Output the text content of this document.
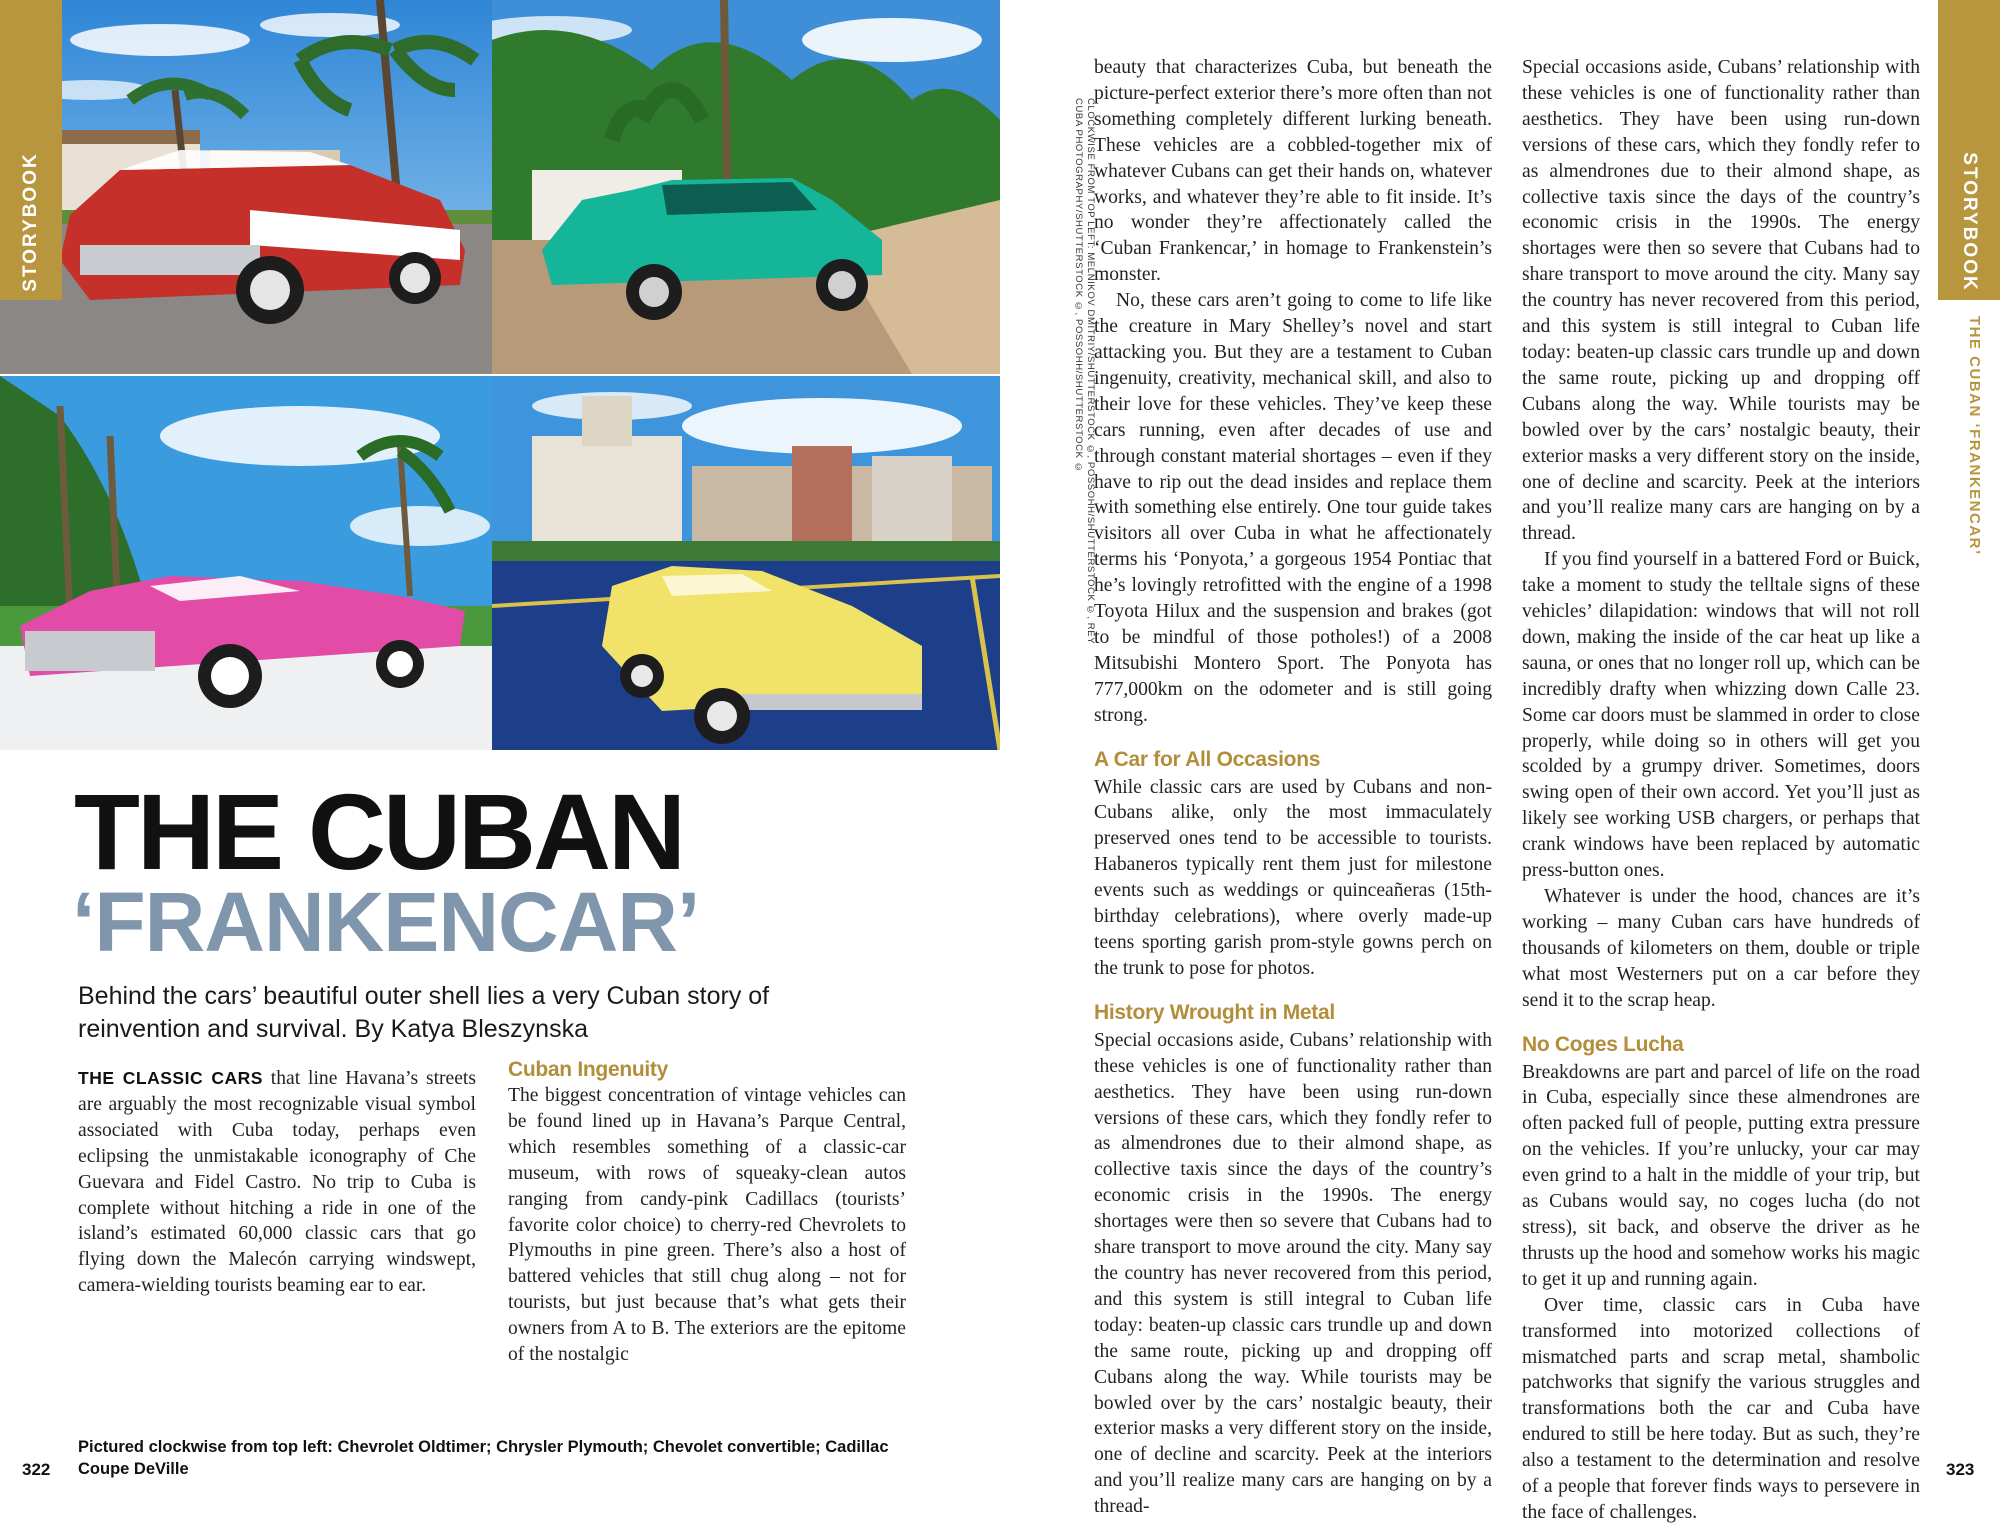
STORYBOOK	STORYBOOK
THE CUBAN ‘FRANKENCAR’
CLOCKWISE FROM TOP LEFT: MELNIKOV DMITRIY/SHUTTERSTOCK ©, POSSOHH/SHUTTERSTOCK ©, REY CUBA PHOTOGRAPHY/SHUTTERSTOCK ©, POSSOHH/SHUTTERSTOCK ©
THE CUBAN
‘FRANKENCAR’
Behind the cars’ beautiful outer shell lies a very Cuban story of reinvention and survival. By Katya Bleszynska

THE CLASSIC CARS that line Havana’s streets are arguably the most recognizable visual symbol associated with Cuba today, perhaps even eclipsing the unmistakable iconography of Che Guevara and Fidel Castro. No trip to Cuba is complete without hitching a ride in one of the island’s estimated 60,000 classic cars that go flying down the Malecón carrying windswept, camera-wielding tourists beaming ear to ear.

Cuban Ingenuity

The biggest concentration of vintage vehicles can be found lined up in Havana’s Parque Central, which resembles something of a classic-car museum, with rows of squeaky-clean autos ranging from candy-pink Cadillacs (tourists’ favorite color choice) to cherry-red Chevrolets to Plymouths in pine green. There’s also a host of battered vehicles that still chug along – not for tourists, but just because that’s what gets their owners from A to B. The exteriors are the epitome of the nostalgic

beauty that characterizes Cuba, but beneath the picture-perfect exterior there’s more often than not something completely different lurking beneath. These vehicles are a cobbled-together mix of whatever Cubans can get their hands on, whatever works, and whatever they’re able to fit inside. It’s no wonder they’re affectionately called the ‘Cuban Frankencar,’ in homage to Frankenstein’s monster.

No, these cars aren’t going to come to life like the creature in Mary Shelley’s novel and start attacking you. But they are a testament to Cuban ingenuity, creativity, mechanical skill, and also to their love for these vehicles. They’ve keep these cars running, even after decades of use and through constant material shortages – even if they have to rip out the dead insides and replace them with something else entirely. One tour guide takes visitors all over Cuba in what he affectionately terms his ‘Ponyota,’ a gorgeous 1954 Pontiac that he’s lovingly retrofitted with the engine of a 1998 Toyota Hilux and the suspension and brakes (got to be mindful of those potholes!) of a 2008 Mitsubishi Montero Sport. The Ponyota has 777,000km on the odometer and is still going strong.

A Car for All Occasions

While classic cars are used by Cubans and non-Cubans alike, only the most immaculately preserved ones tend to be accessible to tourists. Habaneros typically rent them just for milestone events such as weddings or quinceañeras (15th-birthday celebrations), where overly made-up teens sporting garish prom-style gowns perch on the trunk to pose for photos.

History Wrought in Metal

Special occasions aside, Cubans’ relationship with these vehicles is one of functionality rather than aesthetics. They have been using run-down versions of these cars, which they fondly refer to as almendrones due to their almond shape, as collective taxis since the days of the country’s economic crisis in the 1990s. The energy shortages were then so severe that Cubans had to share transport to move around the city. Many say the country has never recovered from this period, and this system is still integral to Cuban life today: beaten-up classic cars trundle up and down the same route, picking up and dropping off Cubans along the way. While tourists may be bowled over by the cars’ nostalgic beauty, their exterior masks a very different story on the inside, one of decline and scarcity. Peek at the interiors and you’ll realize many cars are hanging on by a thread-

Special occasions aside, Cubans’ relationship with these vehicles is one of functionality rather than aesthetics. They have been using run-down versions of these cars, which they fondly refer to as almendrones due to their almond shape, as collective taxis since the days of the country’s economic crisis in the 1990s. The energy shortages were then so severe that Cubans had to share transport to move around the city. Many say the country has never recovered from this period, and this system is still integral to Cuban life today: beaten-up classic cars trundle up and down the same route, picking up and dropping off Cubans along the way. While tourists may be bowled over by the cars’ nostalgic beauty, their exterior masks a very different story on the inside, one of decline and scarcity. Peek at the interiors and you’ll realize many cars are hanging on by a thread.

If you find yourself in a battered Ford or Buick, take a moment to study the telltale signs of these vehicles’ dilapidation: windows that will not roll down, making the inside of the car heat up like a sauna, or ones that no longer roll up, which can be incredibly drafty when whizzing down Calle 23. Some car doors must be slammed in order to close properly, while doing so in others will get you scolded by a grumpy driver. Sometimes, doors swing open of their own accord. Yet you’ll just as likely see working USB chargers, or perhaps that crank windows have been replaced by automatic press-button ones.

Whatever is under the hood, chances are it’s working – many Cuban cars have hundreds of thousands of kilometers on them, double or triple what most Westerners put on a car before they send it to the scrap heap.

No Coges Lucha

Breakdowns are part and parcel of life on the road in Cuba, especially since these almendrones are often packed full of people, putting extra pressure on the vehicles. If you’re unlucky, your car may even grind to a halt in the middle of your trip, but as Cubans would say, no coges lucha (do not stress), sit back, and observe the driver as he thrusts up the hood and somehow works his magic to get it up and running again.

Over time, classic cars in Cuba have transformed into motorized collections of mismatched parts and scrap metal, shambolic patchworks that signify the various struggles and transformations both the car and Cuba have endured to still be here today. But as such, they’re also a testament to the determination and resolve of a people that forever finds ways to persevere in the face of challenges.

Pictured clockwise from top left: Chevrolet Oldtimer; Chrysler Plymouth; Chevolet convertible; Cadillac Coupe DeVille
322	323
